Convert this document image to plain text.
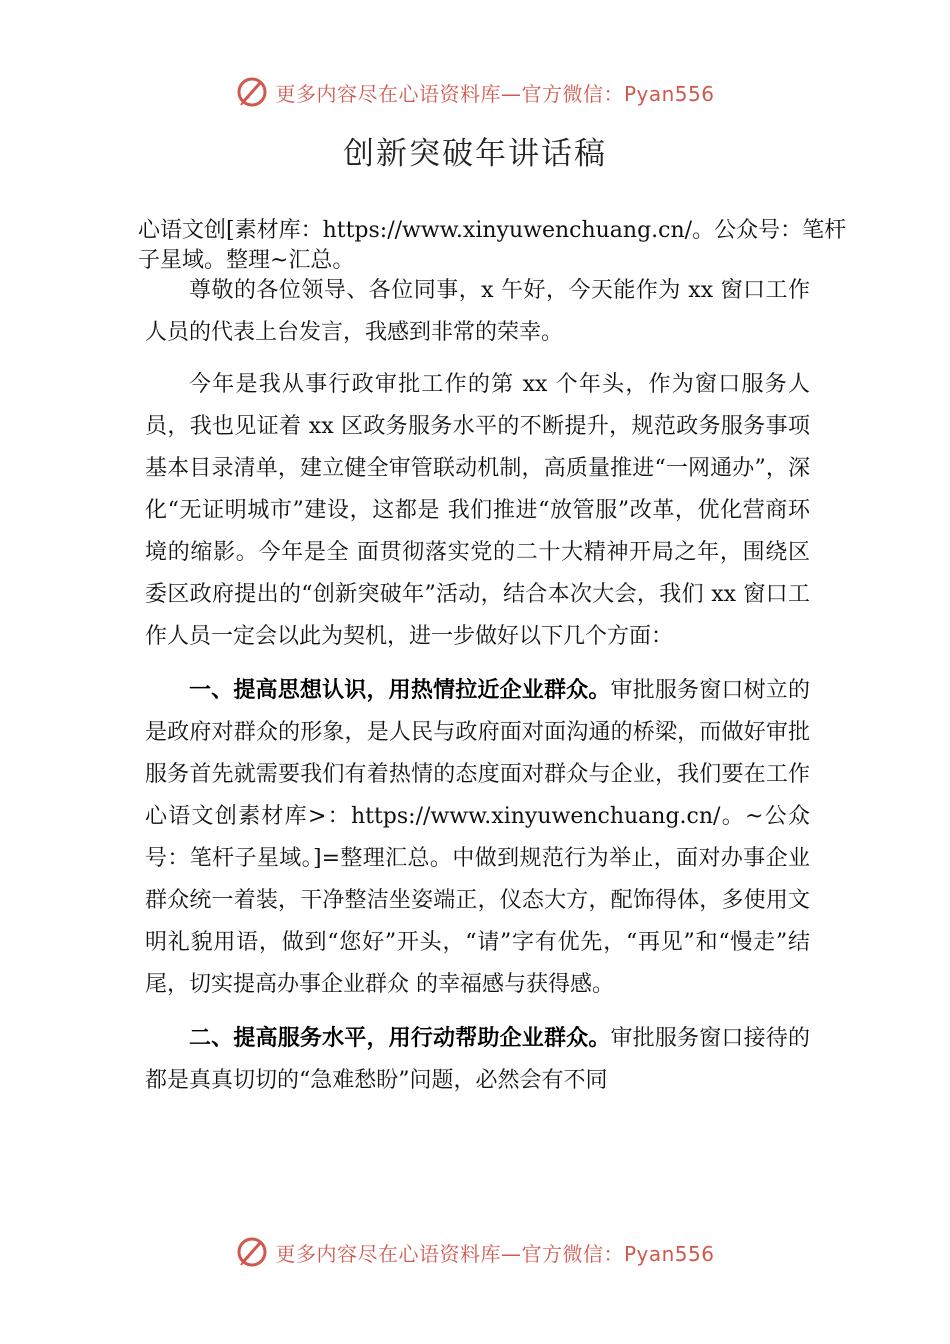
更多内容尽在心语资料库—官方微信：Pyan556
创新突破年讲话稿
心语文创[素材库：https://www.xinyuwenchuang.cn/。公众号：笔杆子星域。整理~汇总。

尊敬的各位领导、各位同事，x 午好，今天能作为 xx 窗口工作人员的代表上台发言，我感到非常的荣幸。

今年是我从事行政审批工作的第 xx 个年头，作为窗口服务人员，我也见证着 xx 区政务服务水平的不断提升，规范政务服务事项基本目录清单，建立健全审管联动机制，高质量推进“一网通办”，深化“无证明城市”建设，这都是 我们推进“放管服”改革，优化营商环境的缩影。今年是全 面贯彻落实党的二十大精神开局之年，围绕区委区政府提出的“创新突破年”活动，结合本次大会，我们 xx 窗口工作人员一定会以此为契机，进一步做好以下几个方面：

一、提高思想认识，用热情拉近企业群众。审批服务窗口树立的是政府对群众的形象，是人民与政府面对面沟通的桥梁，而做好审批服务首先就需要我们有着热情的态度面对群众与企业，我们要在工作心语文创素材库>：https://www.xinyuwenchuang.cn/。~公众号：笔杆子星域。]=整理汇总。中做到规范行为举止，面对办事企业群众统一着装，干净整洁坐姿端正，仪态大方，配饰得体，多使用文明礼貌用语，做到“您好”开头，“请”字有优先，“再见”和“慢走”结尾，切实提高办事企业群众 的幸福感与获得感。

二、提高服务水平，用行动帮助企业群众。审批服务窗口接待的都是真真切切的“急难愁盼”问题，必然会有不同

更多内容尽在心语资料库—官方微信：Pyan556
